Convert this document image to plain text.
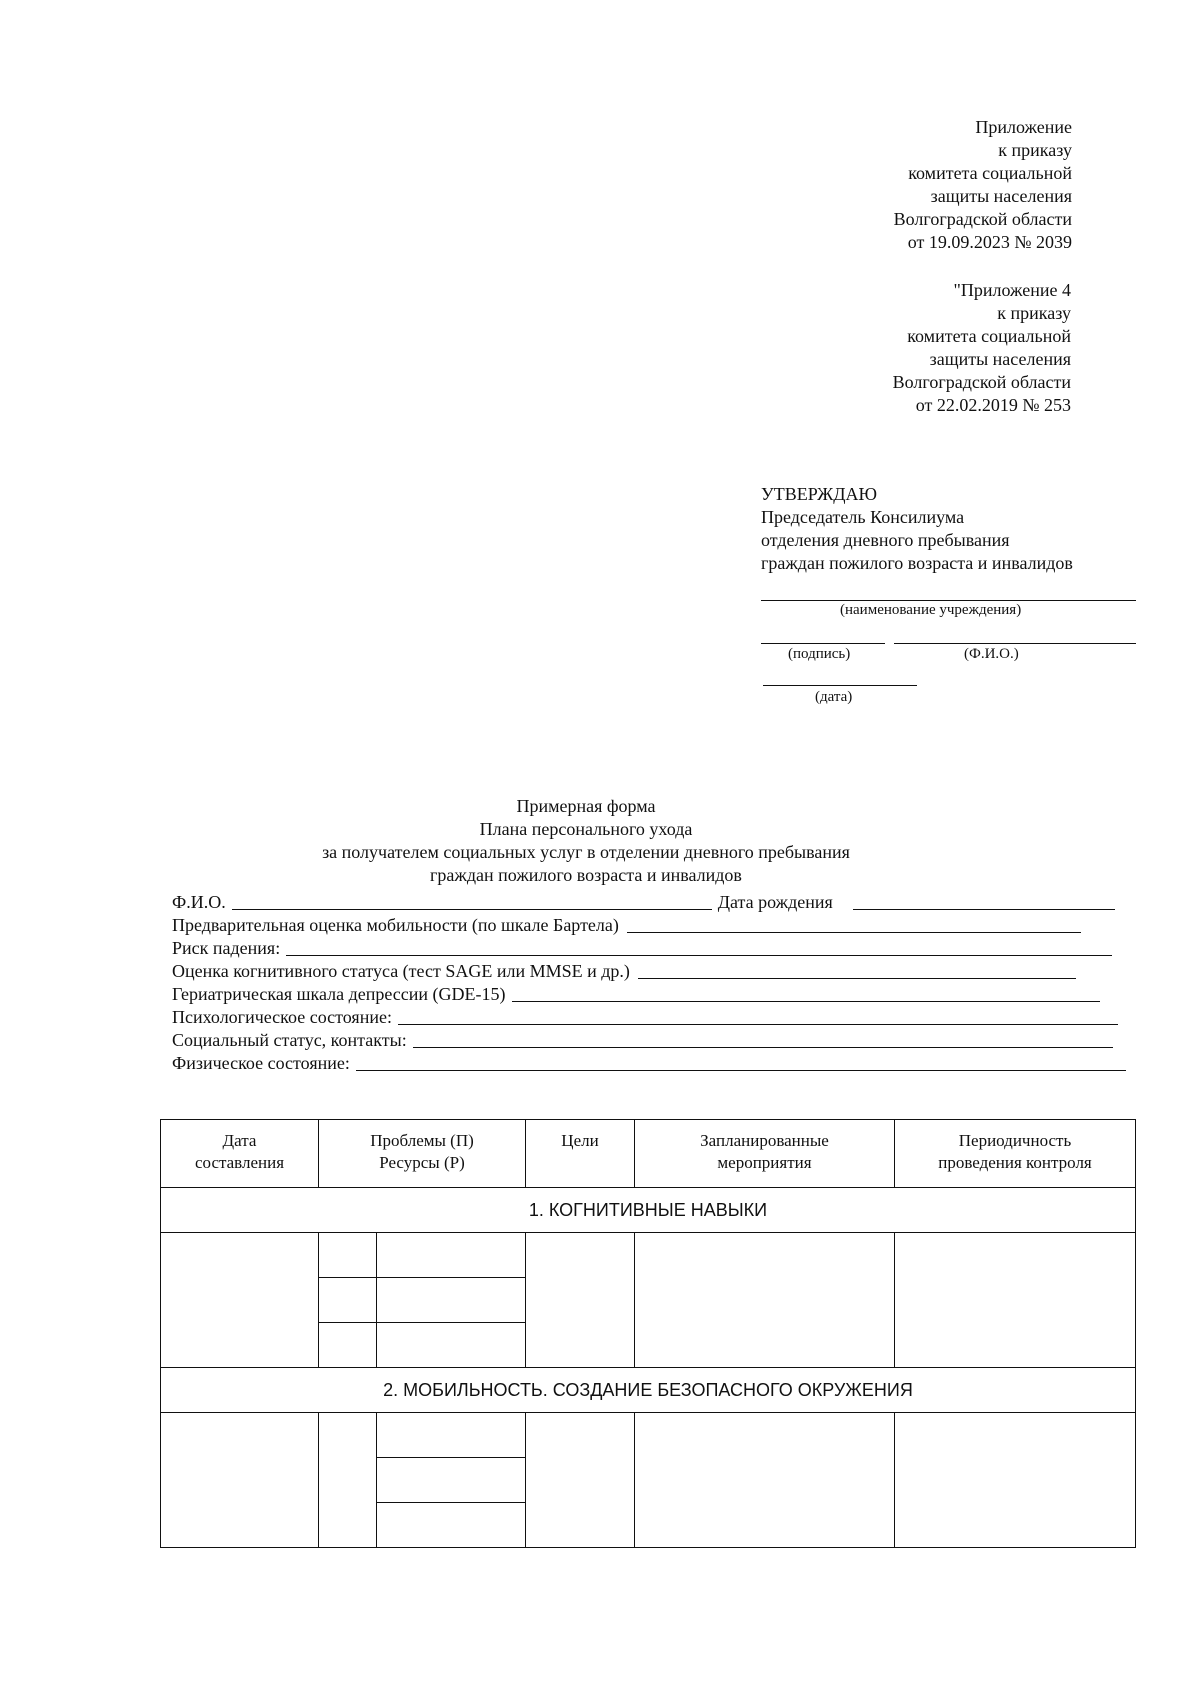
Приложение
к приказу
комитета социальной
защиты населения
Волгоградской области
от 19.09.2023 № 2039
"Приложение 4
к приказу
комитета социальной
защиты населения
Волгоградской области
от 22.02.2019 № 253
УТВЕРЖДАЮ
Председатель Консилиума
отделения дневного пребывания
граждан пожилого возраста и инвалидов
(наименование учреждения)
(подпись)	(Ф.И.О.)
(дата)
Примерная форма
Плана персонального ухода
за получателем социальных услуг в отделении дневного пребывания
граждан пожилого возраста и инвалидов
Ф.И.О.	Дата рождения
Предварительная оценка мобильности (по шкале Бартела)
Риск падения:
Оценка когнитивного статуса (тест SAGE или MMSE и др.)
Гериатрическая шкала депрессии (GDE-15)
Психологическое состояние:
Социальный статус, контакты:
Физическое состояние:
Дата составления	Проблемы (П) Ресурсы (Р)		Цели	Запланированные мероприятия	Периодичность проведения контроля

1. КОГНИТИВНЫЕ НАВЫКИ					

2. МОБИЛЬНОСТЬ. СОЗДАНИЕ БЕЗОПАСНОГО ОКРУЖЕНИЯ					
